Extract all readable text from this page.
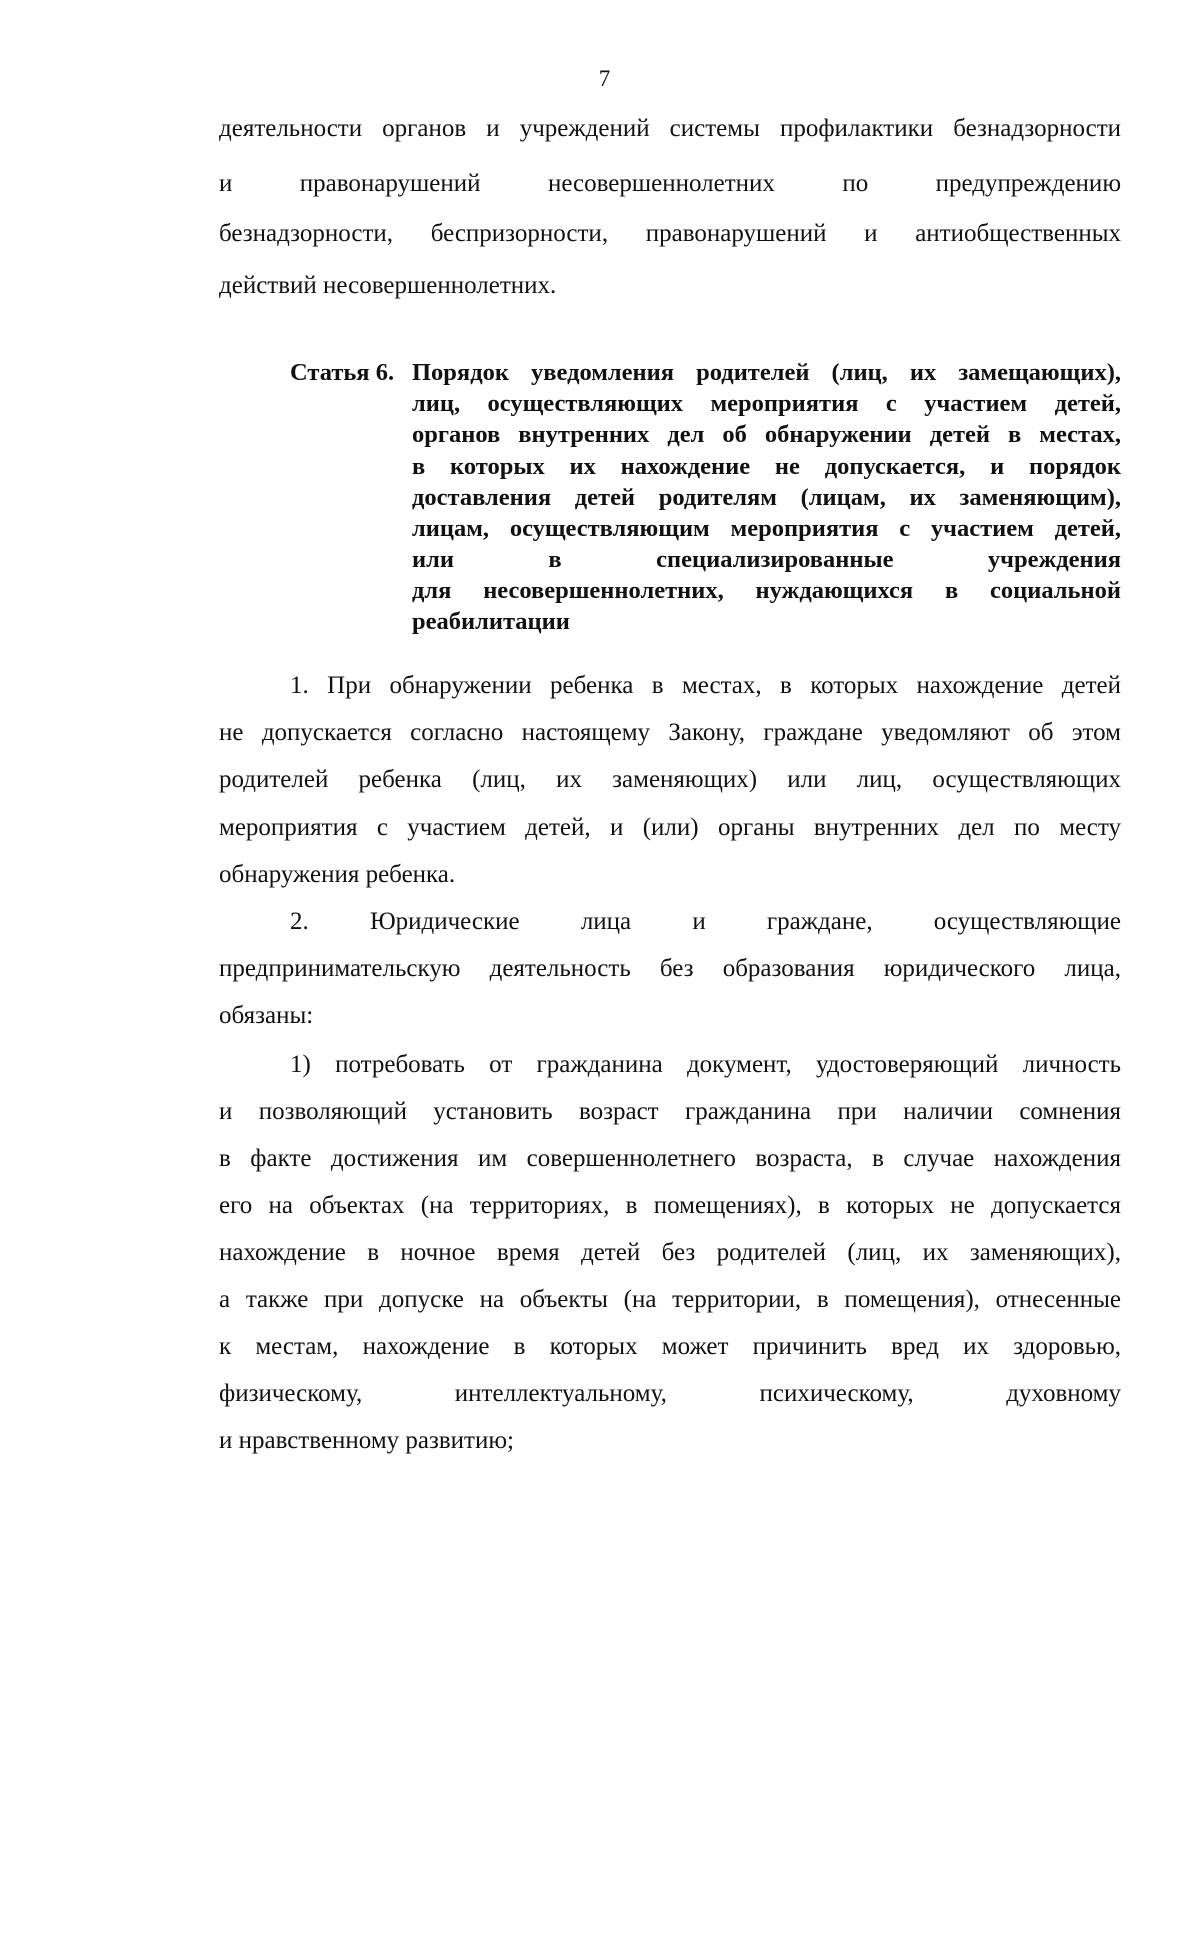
7
деятельности органов и учреждений системы профилактики безнадзорности
и правонарушений несовершеннолетних по предупреждению
безнадзорности, беспризорности, правонарушений и антиобщественных
действий несовершеннолетних.
Статья 6. Порядок уведомления родителей (лиц, их замещающих),
лиц, осуществляющих мероприятия с участием детей,
органов внутренних дел об обнаружении детей в местах,
в которых их нахождение не допускается, и порядок
доставления детей родителям (лицам, их заменяющим),
лицам, осуществляющим мероприятия с участием детей,
или в специализированные учреждения
для несовершеннолетних, нуждающихся в социальной
реабилитации
1. При обнаружении ребенка в местах, в которых нахождение детей
не допускается согласно настоящему Закону, граждане уведомляют об этом
родителей ребенка (лиц, их заменяющих) или лиц, осуществляющих
мероприятия с участием детей, и (или) органы внутренних дел по месту
обнаружения ребенка.
2. Юридические лица и граждане, осуществляющие
предпринимательскую деятельность без образования юридического лица,
обязаны:
1) потребовать от гражданина документ, удостоверяющий личность
и позволяющий установить возраст гражданина при наличии сомнения
в факте достижения им совершеннолетнего возраста, в случае нахождения
его на объектах (на территориях, в помещениях), в которых не допускается
нахождение в ночное время детей без родителей (лиц, их заменяющих),
а также при допуске на объекты (на территории, в помещения), отнесенные
к местам, нахождение в которых может причинить вред их здоровью,
физическому, интеллектуальному, психическому, духовному
и нравственному развитию;
